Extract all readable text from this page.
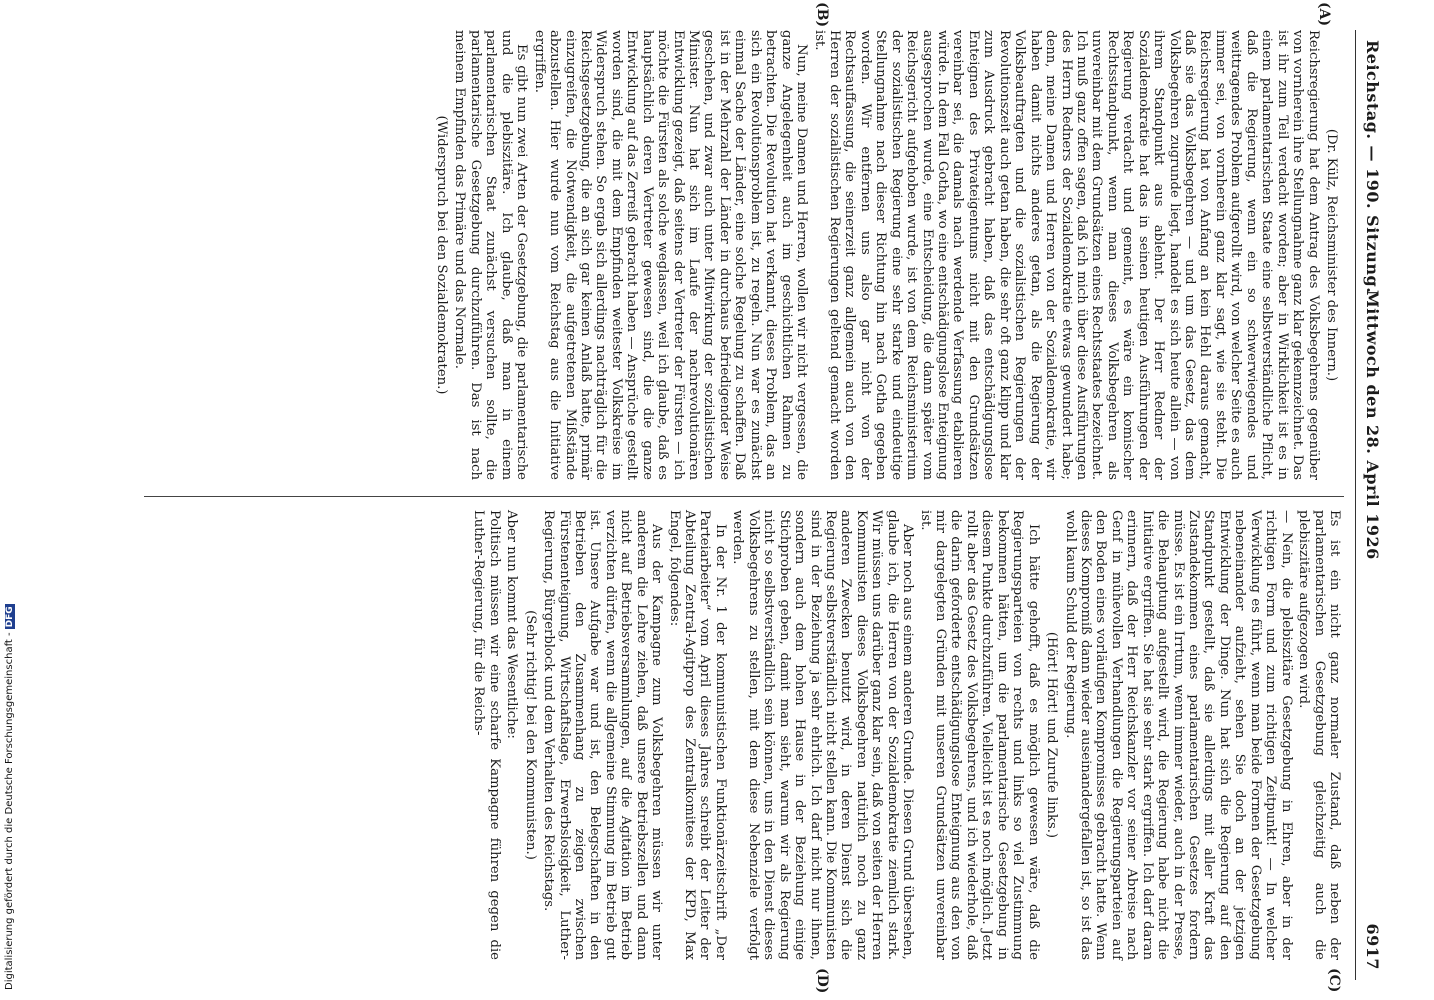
Reichstag. — 190. Sitzung.
Mittwoch den 28. April 1926
6917
(A)
(B)
(C)
(D)

(Dr. Külz, Reichsminister des Innern.)

Reichsregierung hat dem Antrag des Volksbegehrens gegenüber von vornherein ihre Stellungnahme ganz klar gekennzeichnet. Das ist ihr zum Teil verdacht worden; aber in Wirklichkeit ist es in einem parlamentarischen Staate eine selbstverständliche Pflicht, daß die Regierung, wenn ein so schwerwiegendes und weittragendes Problem aufgerollt wird, von welcher Seite es auch immer sei, von vornherein ganz klar sagt, wie sie steht. Die Reichsregierung hat von Anfang an kein Hehl daraus gemacht, daß sie das Volksbegehren — und um das Gesetz, das dem Volksbegehren zugrunde liegt, handelt es sich heute allein — von ihrem Standpunkt aus ablehnt. Der Herr Redner der Sozialdemokratie hat das in seinen heutigen Ausführungen der Regierung verdacht und gemeint, es wäre ein komischer Rechtsstandpunkt, wenn man dieses Volksbegehren als unvereinbar mit dem Grundsätzen eines Rechtsstaates bezeichnet. Ich muß ganz offen sagen, daß ich mich über diese Ausführungen des Herrn Redners der Sozialdemokratie etwas gewundert habe; denn, meine Damen und Herren von der Sozialdemokratie, wir haben damit nichts anderes getan, als die Regierung der Volksbeauftragten und die sozialistischen Regierungen der Revolutionszeit auch getan haben, die sehr oft ganz klipp und klar zum Ausdruck gebracht haben, daß das entschädigungslose Enteignen des Privateigentums nicht mit den Grundsätzen vereinbar sei, die damals nach werdende Verfassung etablieren würde. In dem Fall Gotha, wo eine entschädigungslose Enteignung ausgesprochen wurde, eine Entscheidung, die dann später vom Reichsgericht aufgehoben wurde, ist von dem Reichsministerium der sozialistischen Regierung eine sehr starke und eindeutige Stellungnahme nach dieser Richtung hin nach Gotha gegeben worden. Wir entfernen uns also gar nicht von der Rechtsauffassung, die seinerzeit ganz allgemein auch von den Herren der sozialistischen Regierungen geltend gemacht worden ist.

Nun, meine Damen und Herren, wollen wir nicht vergessen, die ganze Angelegenheit auch im geschichtlichen Rahmen zu betrachten. Die Revolution hat verkannt, dieses Problem, das an sich ein Revolutionsproblem ist, zu regeln. Nun war es zunächst einmal Sache der Länder, eine solche Regelung zu schaffen. Daß ist in der Mehrzahl der Länder in durchaus befriedigender Weise geschehen, und zwar auch unter Mitwirkung der sozialistischen Minister. Nun hat sich im Laufe der nachrevolutionären Entwicklung gezeigt, daß seitens der Vertreter der Fürsten — ich möchte die Fürsten als solche weglassen, weil ich glaube, daß es hauptsächlich deren Vertreter gewesen sind, die die ganze Entwicklung auf das Zerreiß gebracht haben — Ansprüche gestellt worden sind, die mit dem Empfinden weitester Volkskreise im Widerspruch stehen. So ergab sich allerdings nachträglich für die Reichsgesetzgebung, die an sich gar keinen Anlaß hatte, primär einzugreifen, die Notwendigkeit, die aufgetretenen Mißstände abzustellen. Hier wurde nun vom Reichstag aus die Initiative ergriffen.

Es gibt nun zwei Arten der Gesetzgebung, die parlamentarische und die plebiszitäre. Ich glaube, daß man in einem parlamentarischen Staat zunächst versuchen sollte, die parlamentarische Gesetzgebung durchzuführen. Das ist nach meinem Empfinden das Primäre und das Normale.

(Widerspruch bei den Sozialdemokraten.)

Es ist ein nicht ganz normaler Zustand, daß neben der parlamentarischen Gesetzgebung gleichzeitig auch die plebiszitäre aufgezogen wird.

— Nein, die plebiszitäre Gesetzgebung in Ehren, aber in der richtigen Form und zum richtigen Zeitpunkt! — In welcher Verwicklung es führt, wenn man beide Formen der Gesetzgebung nebeneinander aufzieht, sehen Sie doch an der jetzigen Entwicklung der Dinge. Nun hat sich die Regierung auf den Standpunkt gestellt, daß sie allerdings mit aller Kraft das Zustandekommen eines parlamentarischen Gesetzes fordern müsse. Es ist ein Irrtum, wenn immer wieder, auch in der Presse, die Behauptung aufgestellt wird, die Regierung habe nicht die Initiative ergriffen. Sie hat sie sehr stark ergriffen. Ich darf daran erinnern, daß der Herr Reichskanzler vor seiner Abreise nach Genf in mühevollen Verhandlungen die Regierungsparteien auf den Boden eines vorläufigen Kompromisses gebracht hatte. Wenn dieses Kompromiß dann wieder auseinandergefallen ist, so ist das wohl kaum Schuld der Regierung.

(Hört! Hört! und Zurufe links.)

Ich hätte gehofft, daß es möglich gewesen wäre, daß die Regierungsparteien von rechts und links so viel Zustimmung bekommen hätten, um die parlamentarische Gesetzgebung in diesem Punkte durchzuführen. Vielleicht ist es noch möglich. Jetzt rollt aber das Gesetz des Volksbegehrens, und ich wiederhole, daß die darin geforderte entschädigungslose Enteignung aus den von mir dargelegten Gründen mit unseren Grundsätzen unvereinbar ist.

Aber noch aus einem anderen Grunde. Diesen Grund übersehen, glaube ich, die Herren von der Sozialdemokratie ziemlich stark. Wir müssen uns darüber ganz klar sein, daß von seiten der Herren Kommunisten dieses Volksbegehren natürlich noch zu ganz anderen Zwecken benutzt wird, in deren Dienst sich die Regierung selbstverständlich nicht stellen kann. Die Kommunisten sind in der Beziehung ja sehr ehrlich. Ich darf nicht nur ihnen, sondern auch dem hohen Hause in der Beziehung einige Stichproben geben, damit man sieht, warum wir als Regierung nicht so selbstverständlich sein können, uns in den Dienst dieses Volksbegehrens zu stellen, mit dem diese Nebenziele verfolgt werden.

In der Nr. 1 der kommunistischen Funktionärzeitschrift „Der Parteiarbeiter“ vom April dieses Jahres schreibt der Leiter der Abteilung Zentral-Agitprop des Zentralkomitees der KPD, Max Engel, folgendes:

Aus der Kampagne zum Volksbegehren müssen wir unter anderem die Lehre ziehen, daß unsere Betriebszellen und dann nicht auf Betriebsversammlungen, auf die Agitation im Betrieb verzichten dürfen, wenn die allgemeine Stimmung im Betrieb gut ist. Unsere Aufgabe war und ist, den Belegschaften in den Betrieben den Zusammenhang zu zeigen zwischen Fürstenenteignung, Wirtschaftslage, Erwerbslosigkeit, Luther-Regierung, Bürgerblock und dem Verhalten des Reichstags.

(Sehr richtig! bei den Kommunisten.)

Aber nun kommt das Wesentliche:

Politisch müssen wir eine scharfe Kampagne führen gegen die Luther-Regierung, für die Reichs-

Digitalisierung gefördert durch die Deutsche Forschungsgemeinschaft -DFG
